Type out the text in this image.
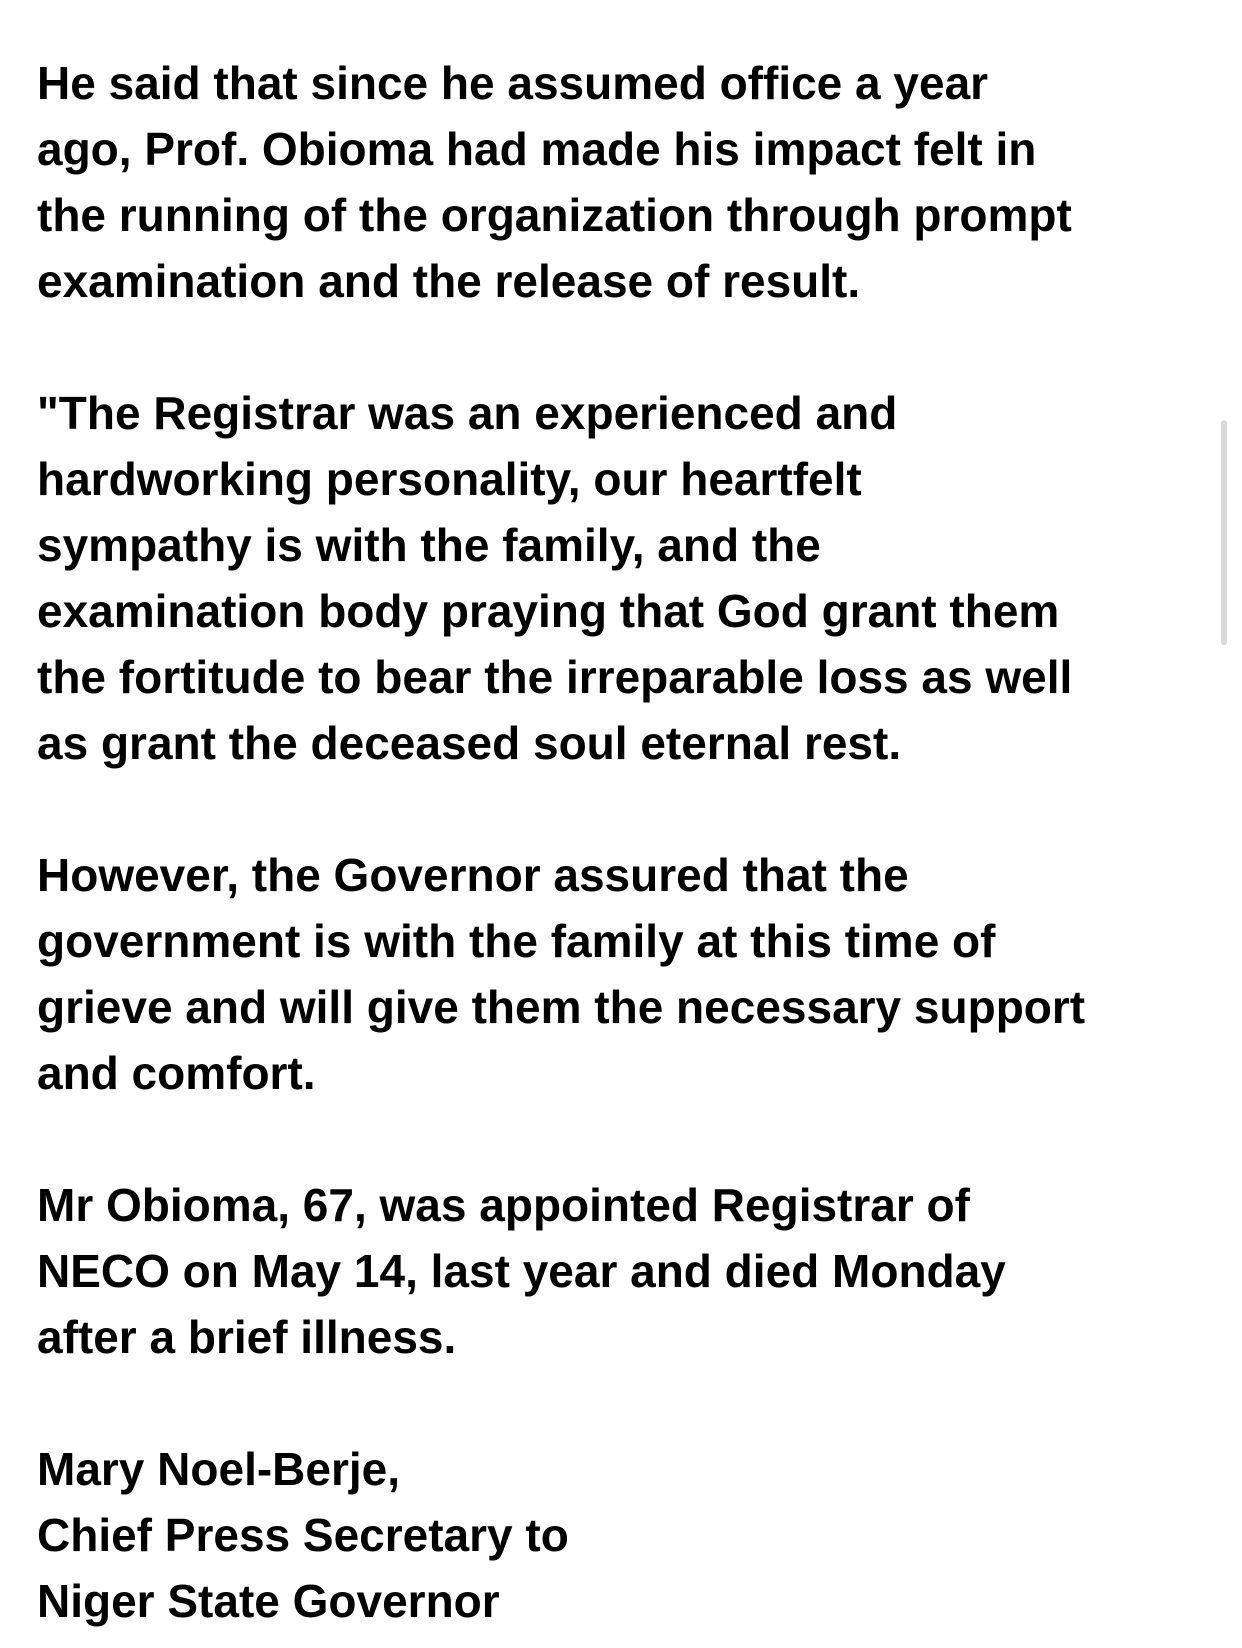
He said that since he assumed office a year
ago, Prof. Obioma had made his impact felt in
the running of the organization through prompt
examination and the release of result.
"The Registrar was an experienced and
hardworking personality, our heartfelt
sympathy is with the family, and the
examination body praying that God grant them
the fortitude to bear the irreparable loss as well
as grant the deceased soul eternal rest.
However, the Governor assured that the
government is with the family at this time of
grieve and will give them the necessary support
and comfort.
Mr Obioma, 67, was appointed Registrar of
NECO on May 14, last year and died Monday
after a brief illness.
Mary Noel-Berje,
Chief Press Secretary to
Niger State Governor
